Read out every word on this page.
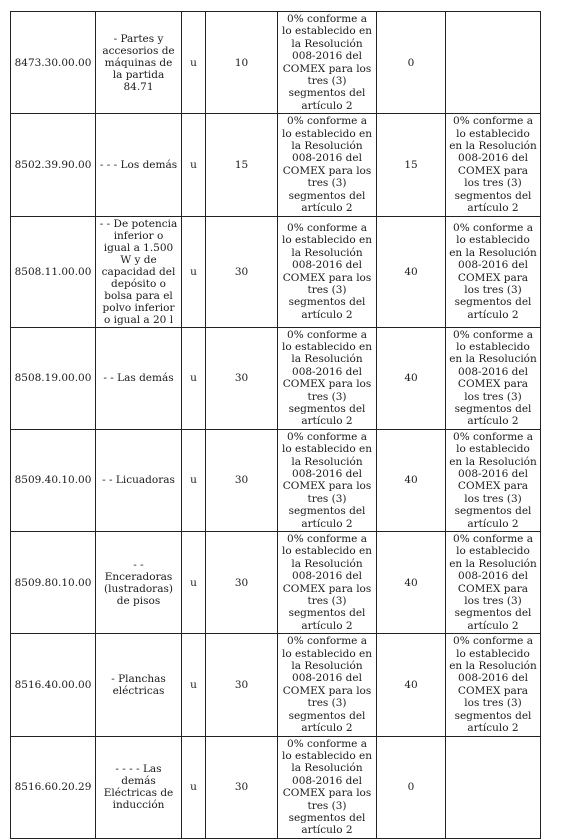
8473.30.00.00	- Partes y accesorios de máquinas de la partida 84.71	u	10	0% conforme a lo establecido en la Resolución 008-2016 del COMEX para los tres (3) segmentos del artículo 2	0	
8502.39.90.00	- - - Los demás	u	15	0% conforme a lo establecido en la Resolución 008-2016 del COMEX para los tres (3) segmentos del artículo 2	15	0% conforme a lo establecido en la Resolución 008-2016 del COMEX para los tres (3) segmentos del artículo 2
8508.11.00.00	- - De potencia inferior o igual a 1.500 W y de capacidad del depósito o bolsa para el polvo inferior o igual a 20 l	u	30	0% conforme a lo establecido en la Resolución 008-2016 del COMEX para los tres (3) segmentos del artículo 2	40	0% conforme a lo establecido en la Resolución 008-2016 del COMEX para los tres (3) segmentos del artículo 2
8508.19.00.00	- - Las demás	u	30	0% conforme a lo establecido en la Resolución 008-2016 del COMEX para los tres (3) segmentos del artículo 2	40	0% conforme a lo establecido en la Resolución 008-2016 del COMEX para los tres (3) segmentos del artículo 2
8509.40.10.00	- - Licuadoras	u	30	0% conforme a lo establecido en la Resolución 008-2016 del COMEX para los tres (3) segmentos del artículo 2	40	0% conforme a lo establecido en la Resolución 008-2016 del COMEX para los tres (3) segmentos del artículo 2
8509.80.10.00	- - Enceradoras (lustradoras) de pisos	u	30	0% conforme a lo establecido en la Resolución 008-2016 del COMEX para los tres (3) segmentos del artículo 2	40	0% conforme a lo establecido en la Resolución 008-2016 del COMEX para los tres (3) segmentos del artículo 2
8516.40.00.00	- Planchas eléctricas	u	30	0% conforme a lo establecido en la Resolución 008-2016 del COMEX para los tres (3) segmentos del artículo 2	40	0% conforme a lo establecido en la Resolución 008-2016 del COMEX para los tres (3) segmentos del artículo 2
8516.60.20.29	- - - - Las demás Eléctricas de inducción	u	30	0% conforme a lo establecido en la Resolución 008-2016 del COMEX para los tres (3) segmentos del artículo 2	0	
